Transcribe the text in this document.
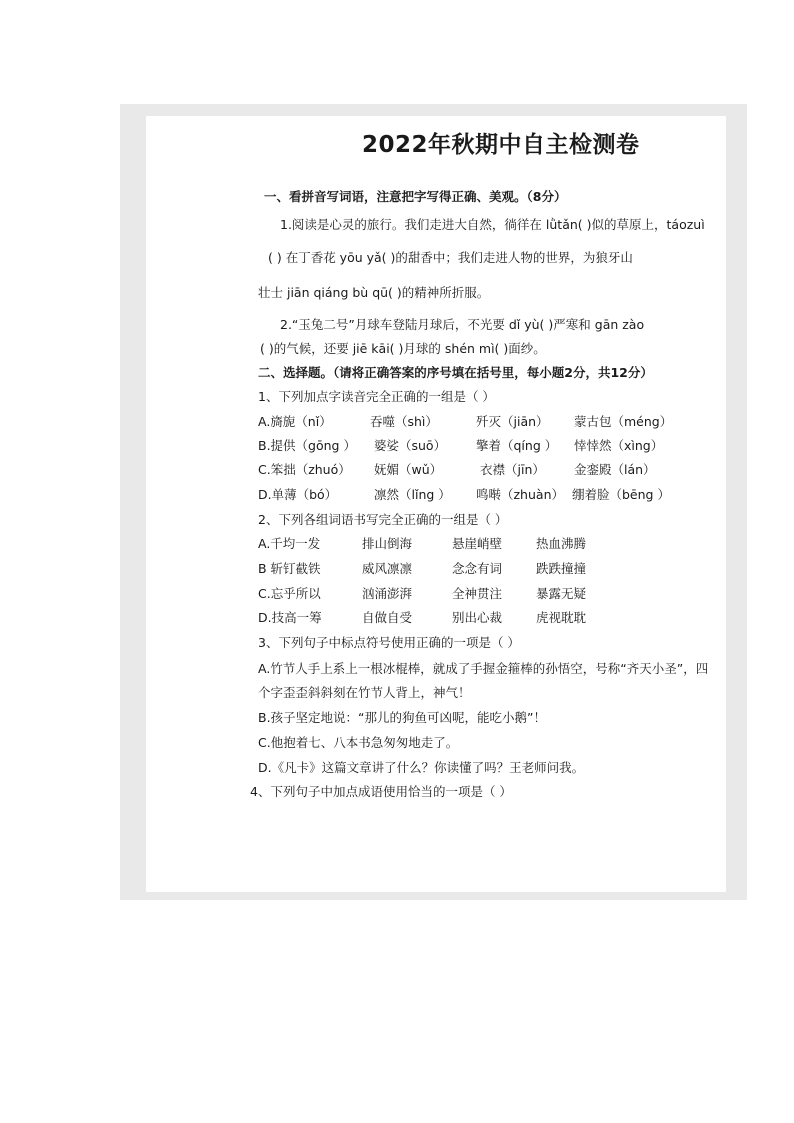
2022年秋期中自主检测卷
一、看拼音写词语，注意把字写得正确、美观。（8分）
1.阅读是心灵的旅行。我们走进大自然，徜徉在 lǜtǎn( )似的草原上，táozuì
( ) 在丁香花 yōu yǎ( )的甜香中；我们走进人物的世界，为狼牙山
壮士 jiān qiáng bù qū( )的精神所折服。
2.“玉兔二号”月球车登陆月球后，不光要 dǐ yù( )严寒和 gān zào
( )的气候，还要 jiē kāi( )月球的 shén mì( )面纱。
二、选择题。（请将正确答案的序号填在括号里，每小题2分，共12分）
1、下列加点字读音完全正确的一组是（ ）
A.旖旎（nǐ）	吞噬（shì）	歼灭（jiān） 蒙古包（méng）
B.提供（gōng ） 婆娑（suō） 擎着（qíng ） 悻悻然（xìng）
C.笨拙（zhuó） 妩媚（wǔ）	衣襟（jīn） 金銮殿（lán）
D.单薄（bó）	凛然（lǐng ） 鸣啭（zhuàn） 绷着脸（bēng ）
2、下列各组词语书写完全正确的一组是（ ）
A.千均一发	排山倒海	悬崖峭壁	热血沸腾
B 斩钉截铁	威风凛凛	念念有词	跌跌撞撞
C.忘乎所以	汹涌澎湃	全神贯注	暴露无疑
D.技高一筹	自做自受	别出心裁	虎视耽耽
3、下列句子中标点符号使用正确的一项是（ ）
A.竹节人手上系上一根冰棍棒，就成了手握金箍棒的孙悟空，号称“齐天小圣”，四
个字歪歪斜斜刻在竹节人背上，神气！
B.孩子坚定地说：“那儿的狗鱼可凶呢，能吃小鹅”！
C.他抱着七、八本书急匆匆地走了。
D.《凡卡》这篇文章讲了什么？你读懂了吗？王老师问我。
4、下列句子中加点成语使用恰当的一项是（ ）
